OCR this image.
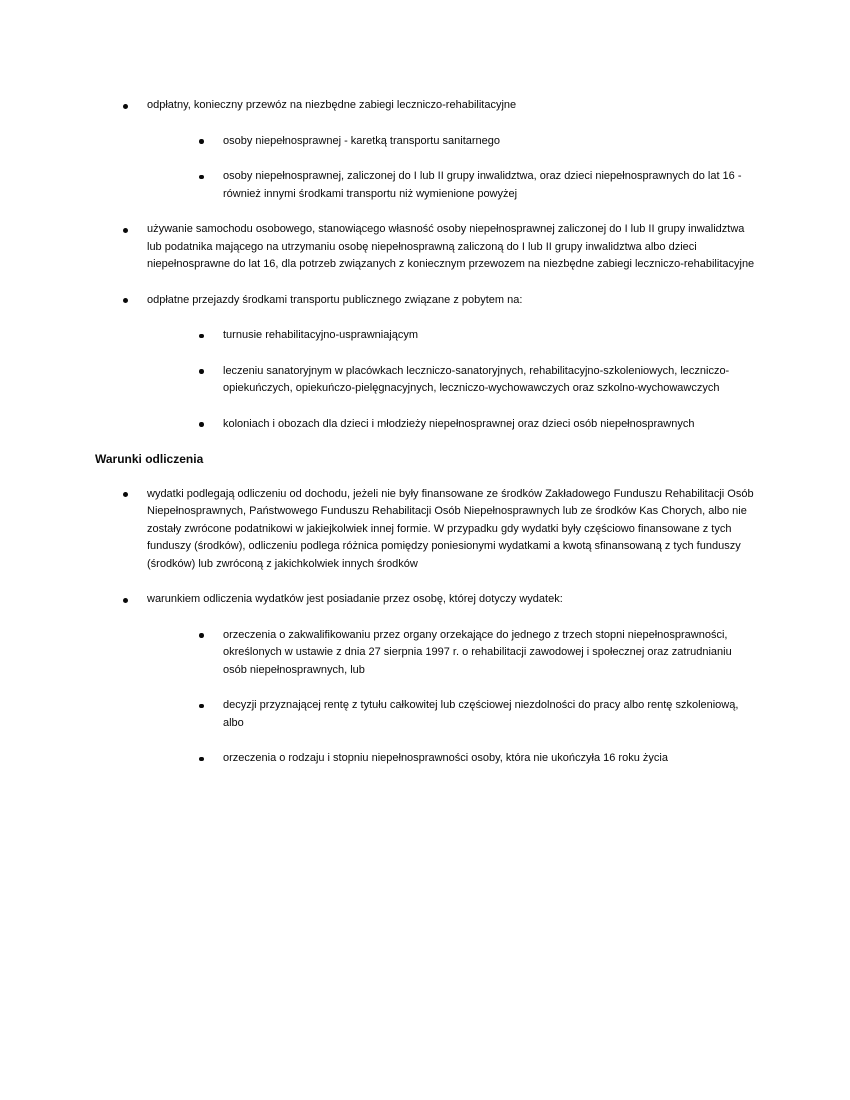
odpłatny, konieczny przewóz na niezbędne zabiegi leczniczo-rehabilitacyjne
osoby niepełnosprawnej - karetką transportu sanitarnego
osoby niepełnosprawnej, zaliczonej do I lub II grupy inwalidztwa, oraz dzieci niepełnosprawnych do lat 16 - również innymi środkami transportu niż wymienione powyżej
używanie samochodu osobowego, stanowiącego własność osoby niepełnosprawnej zaliczonej do I lub II grupy inwalidztwa lub podatnika mającego na utrzymaniu osobę niepełnosprawną zaliczoną do I lub II grupy inwalidztwa albo dzieci niepełnosprawne do lat 16, dla potrzeb związanych z koniecznym przewozem na niezbędne zabiegi leczniczo-rehabilitacyjne
odpłatne przejazdy środkami transportu publicznego związane z pobytem na:
turnusie rehabilitacyjno-usprawniającym
leczeniu sanatoryjnym w placówkach leczniczo-sanatoryjnych, rehabilitacyjno-szkoleniowych, leczniczo-opiekuńczych, opiekuńczo-pielęgnacyjnych, leczniczo-wychowawczych oraz szkolno-wychowawczych
koloniach i obozach dla dzieci i młodzieży niepełnosprawnej oraz dzieci osób niepełnosprawnych
Warunki odliczenia
wydatki podlegają odliczeniu od dochodu, jeżeli nie były finansowane ze środków Zakładowego Funduszu Rehabilitacji Osób Niepełnosprawnych, Państwowego Funduszu Rehabilitacji Osób Niepełnosprawnych lub ze środków Kas Chorych, albo nie zostały zwrócone podatnikowi w jakiejkolwiek innej formie. W przypadku gdy wydatki były częściowo finansowane z tych funduszy (środków), odliczeniu podlega różnica pomiędzy poniesionymi wydatkami a kwotą sfinansowaną z tych funduszy (środków) lub zwróconą z jakichkolwiek innych środków
warunkiem odliczenia wydatków jest posiadanie przez osobę, której dotyczy wydatek:
orzeczenia o zakwalifikowaniu przez organy orzekające do jednego z trzech stopni niepełnosprawności, określonych w ustawie z dnia 27 sierpnia 1997 r. o rehabilitacji zawodowej i społecznej oraz zatrudnianiu osób niepełnosprawnych, lub
decyzji przyznającej rentę z tytułu całkowitej lub częściowej niezdolności do pracy albo rentę szkoleniową, albo
orzeczenia o rodzaju i stopniu niepełnosprawności osoby, która nie ukończyła 16 roku życia
